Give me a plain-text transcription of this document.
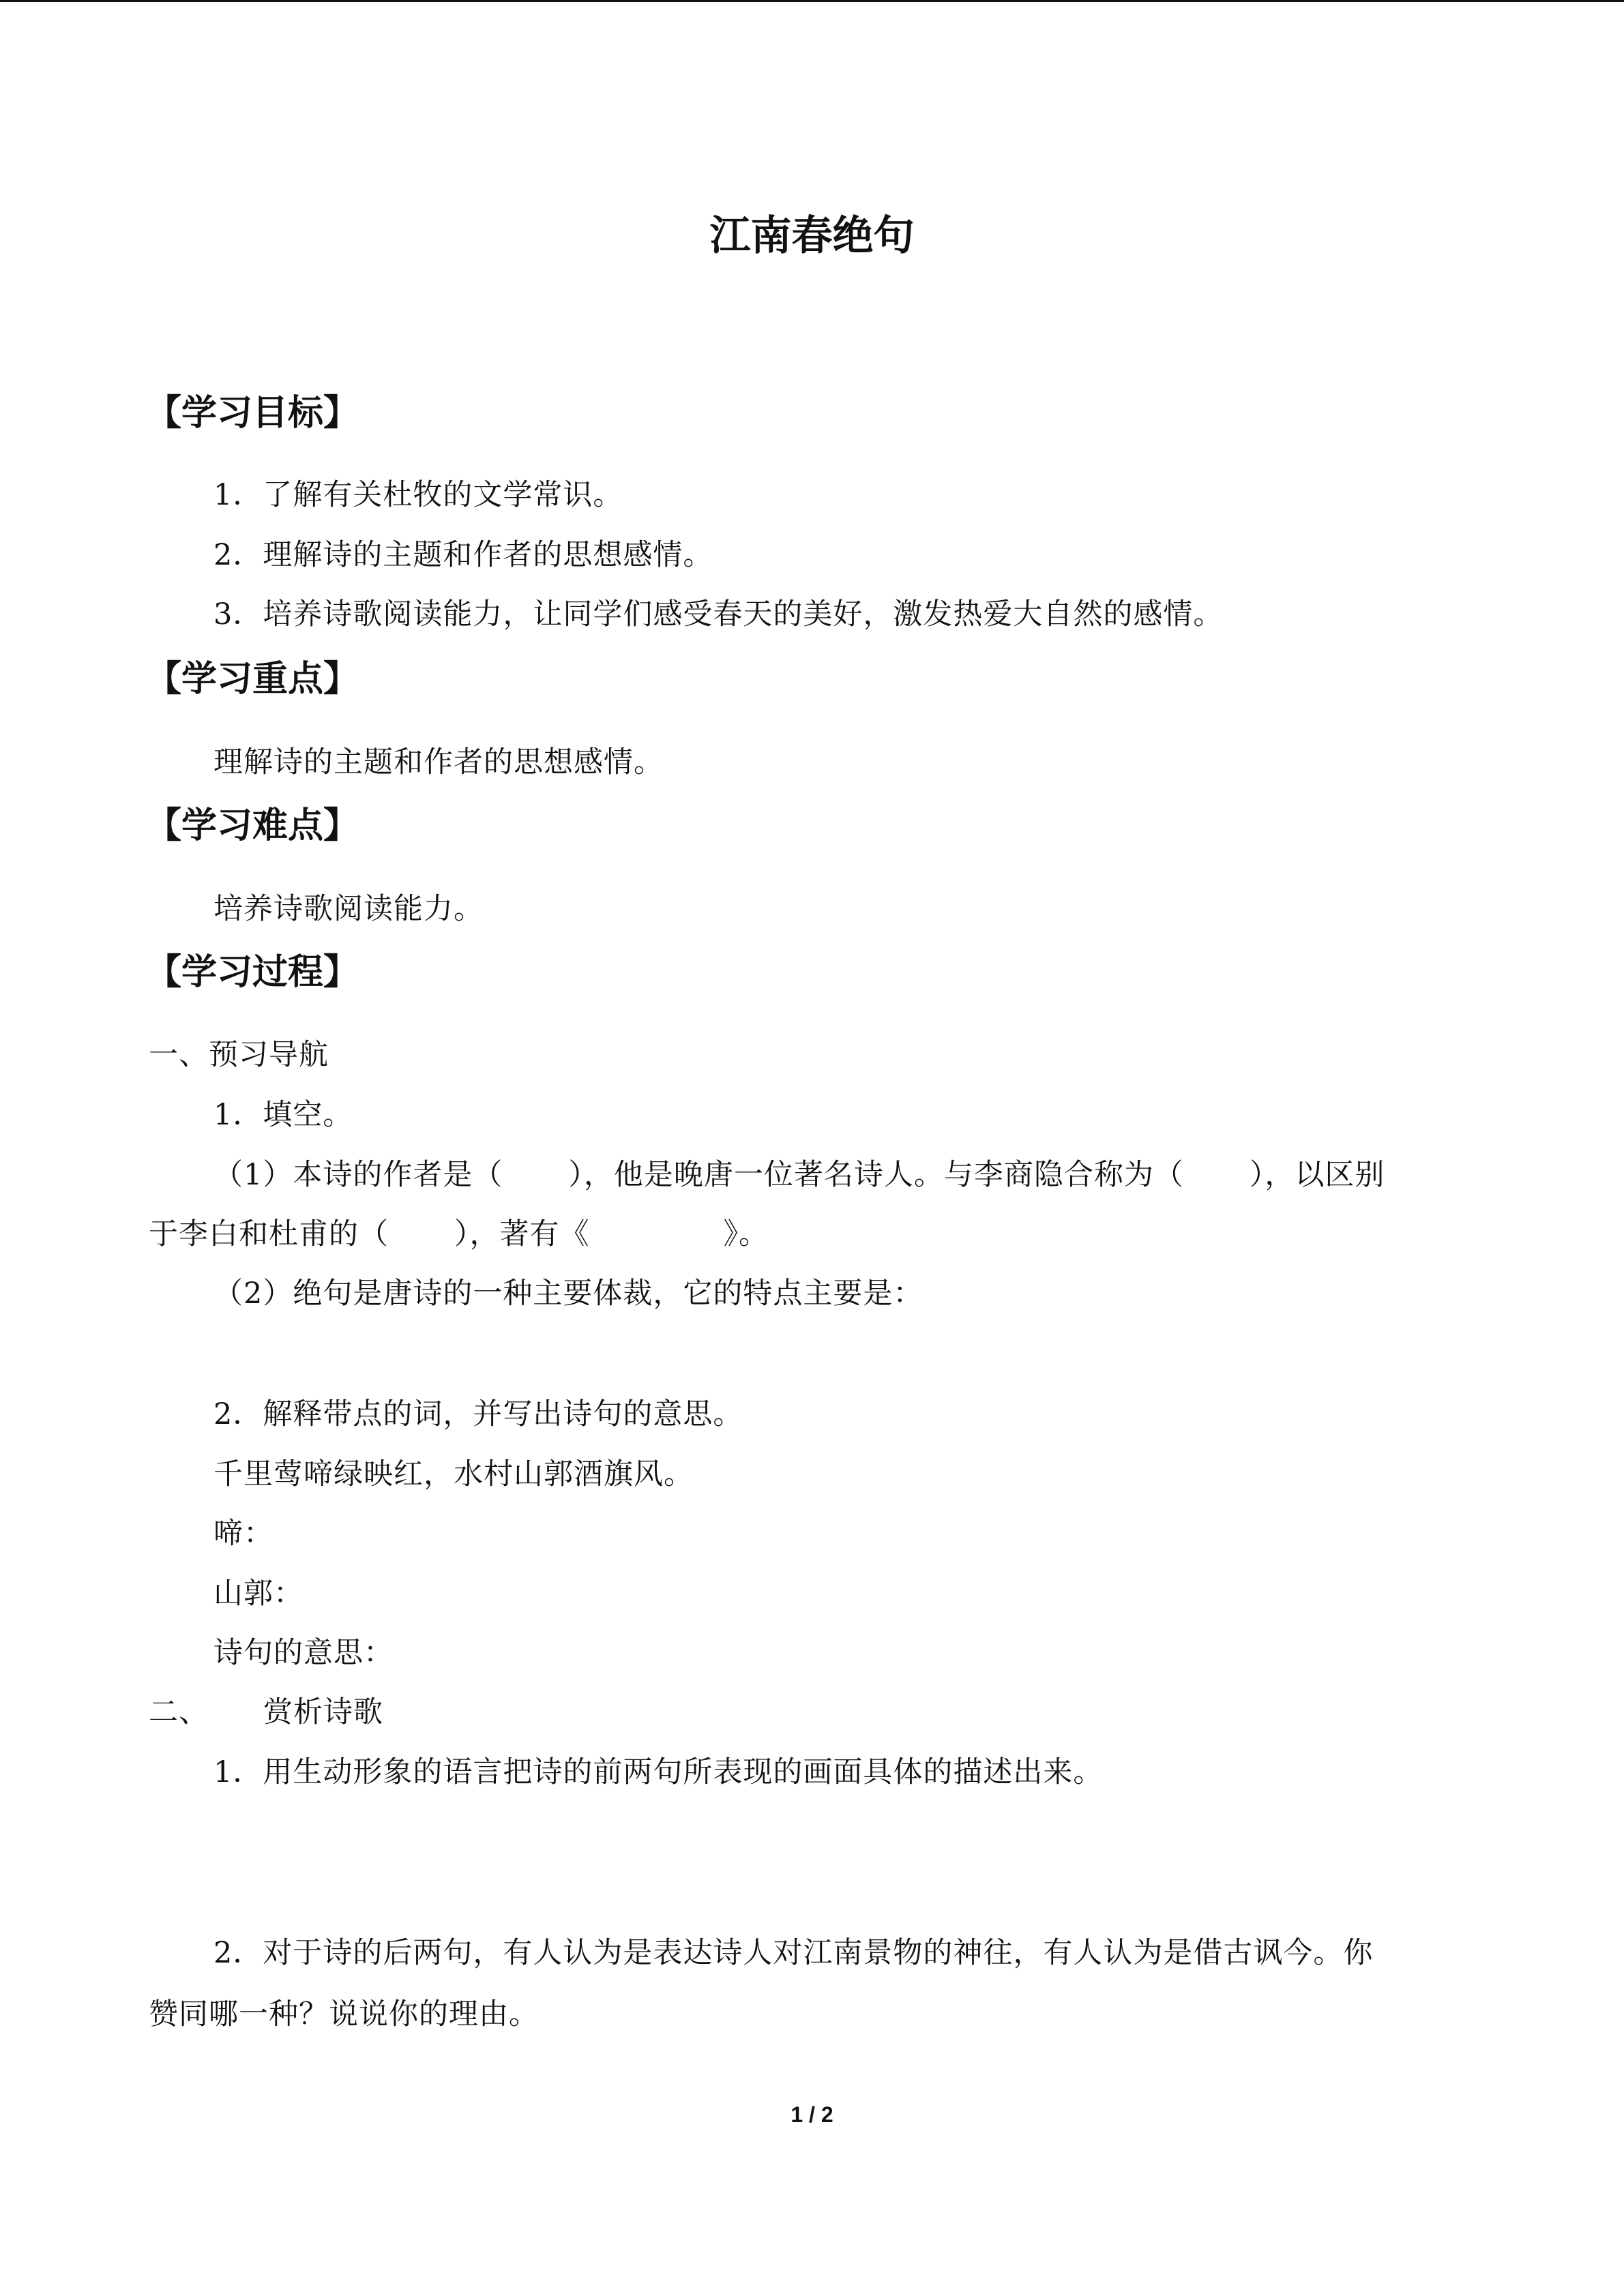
江南春绝句
【学习目标】
1．了解有关杜牧的文学常识。
2．理解诗的主题和作者的思想感情。
3．培养诗歌阅读能力，让同学们感受春天的美好，激发热爱大自然的感情。
【学习重点】
理解诗的主题和作者的思想感情。
【学习难点】
培养诗歌阅读能力。
【学习过程】
一、预习导航
1．填空。
（1）本诗的作者是（ ），他是晚唐一位著名诗人。与李商隐合称为（ ），以区别
于李白和杜甫的（ ），著有《	》。
（2）绝句是唐诗的一种主要体裁，它的特点主要是：
2．解释带点的词，并写出诗句的意思。
千里莺啼绿映红，水村山郭酒旗风。
啼：
山郭：
诗句的意思：
二、 赏析诗歌
1．用生动形象的语言把诗的前两句所表现的画面具体的描述出来。
2．对于诗的后两句，有人认为是表达诗人对江南景物的神往，有人认为是借古讽今。你
赞同哪一种？说说你的理由。
1 / 2
